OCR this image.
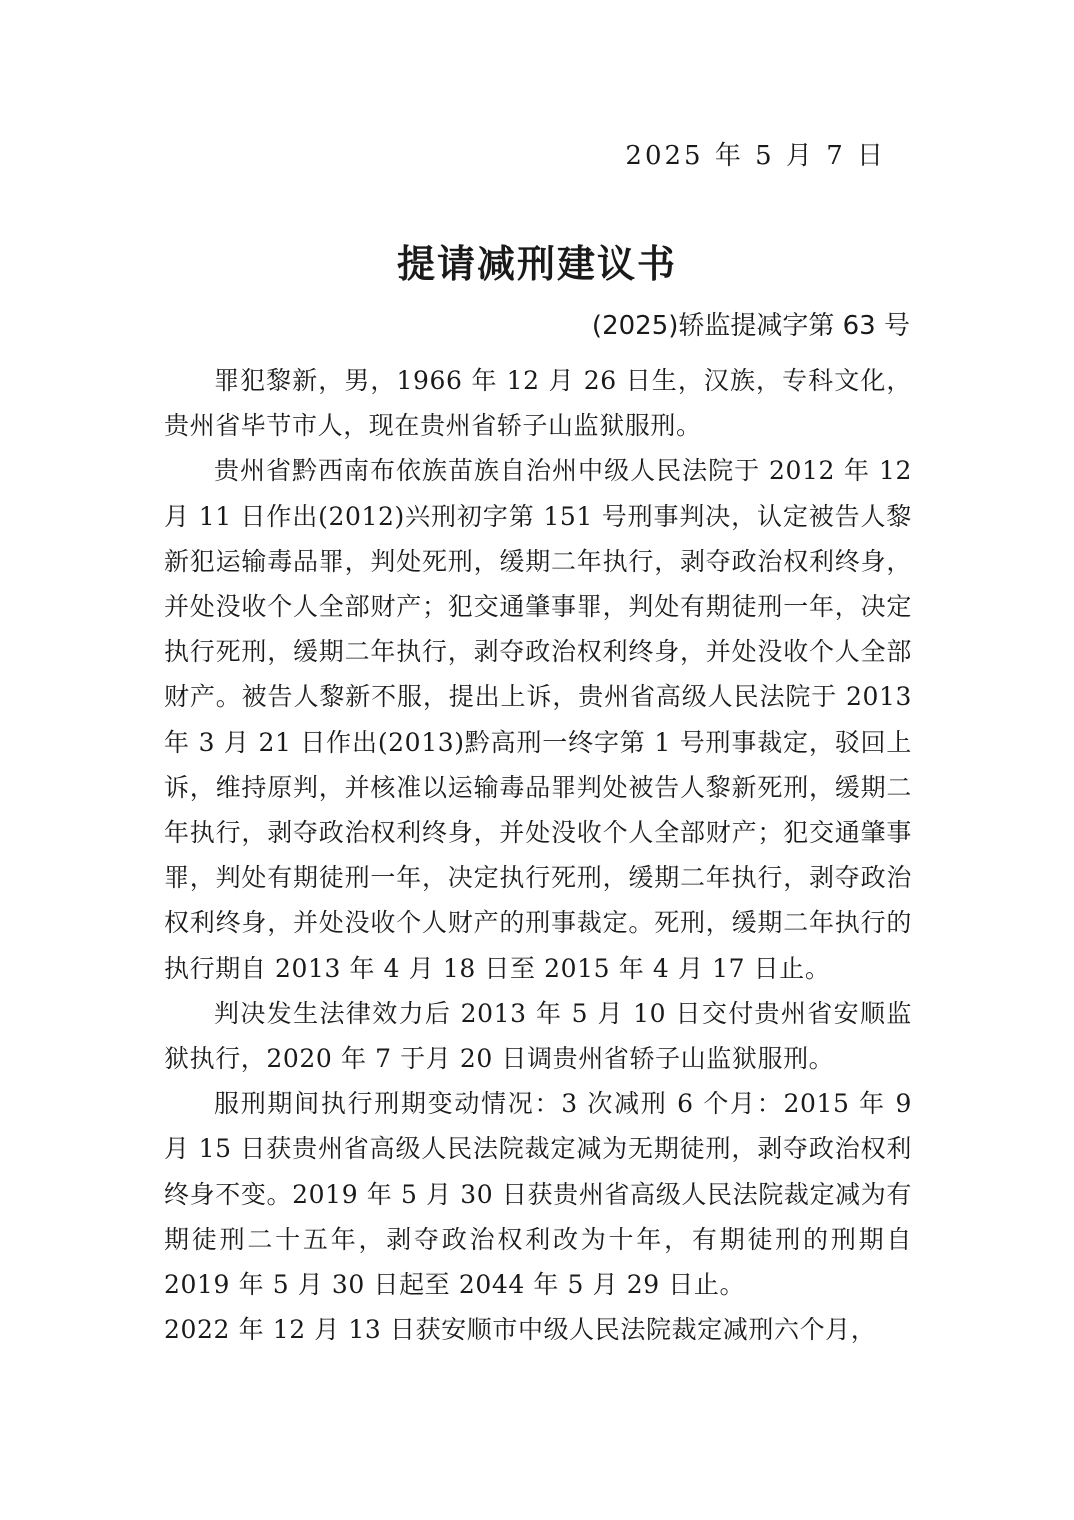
2025 年 5 月 7 日
提请减刑建议书
(2025)轿监提减字第 63 号

罪犯黎新，男，1966 年 12 月 26 日生，汉族，专科文化，贵州省毕节市人，现在贵州省轿子山监狱服刑。

贵州省黔西南布依族苗族自治州中级人民法院于 2012 年 12 月 11 日作出(2012)兴刑初字第 151 号刑事判决，认定被告人黎新犯运输毒品罪，判处死刑，缓期二年执行，剥夺政治权利终身，并处没收个人全部财产；犯交通肇事罪，判处有期徒刑一年，决定执行死刑，缓期二年执行，剥夺政治权利终身，并处没收个人全部财产。被告人黎新不服，提出上诉，贵州省高级人民法院于 2013 年 3 月 21 日作出(2013)黔高刑一终字第 1 号刑事裁定，驳回上诉，维持原判，并核准以运输毒品罪判处被告人黎新死刑，缓期二年执行，剥夺政治权利终身，并处没收个人全部财产；犯交通肇事罪，判处有期徒刑一年，决定执行死刑，缓期二年执行，剥夺政治权利终身，并处没收个人财产的刑事裁定。死刑，缓期二年执行的执行期自 2013 年 4 月 18 日至 2015 年 4 月 17 日止。

判决发生法律效力后 2013 年 5 月 10 日交付贵州省安顺监狱执行，2020 年 7 于月 20 日调贵州省轿子山监狱服刑。

服刑期间执行刑期变动情况：3 次减刑 6 个月：2015 年 9 月 15 日获贵州省高级人民法院裁定减为无期徒刑，剥夺政治权利终身不变。2019 年 5 月 30 日获贵州省高级人民法院裁定减为有期徒刑二十五年，剥夺政治权利改为十年，有期徒刑的刑期自 2019 年 5 月 30 日起至 2044 年 5 月 29 日止。

2022 年 12 月 13 日获安顺市中级人民法院裁定减刑六个月，
